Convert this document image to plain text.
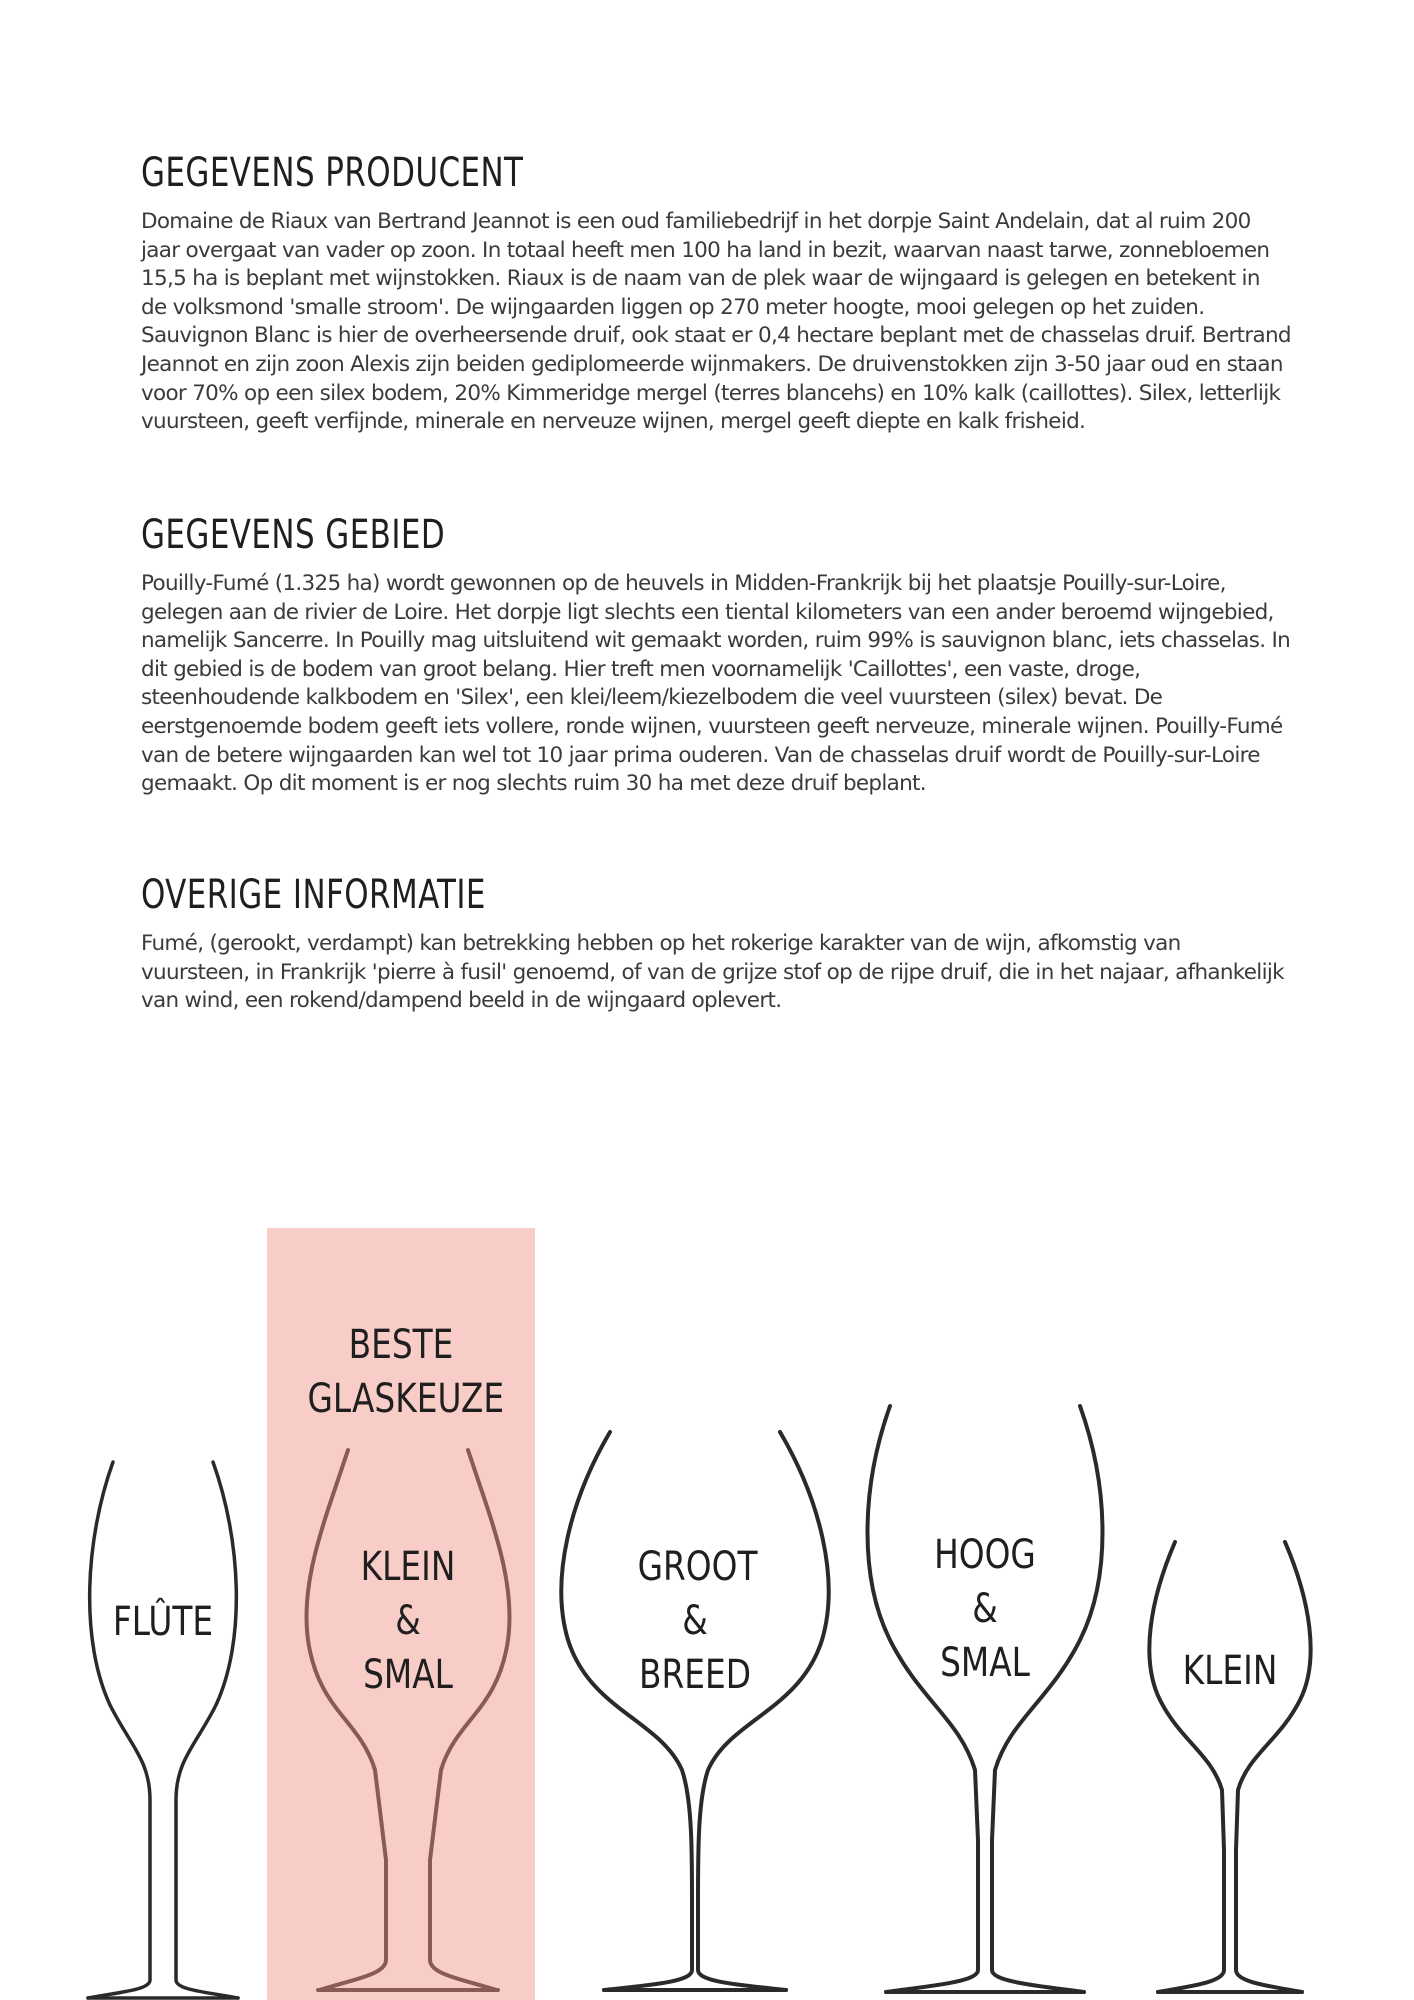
GEGEVENS PRODUCENT

Domaine de Riaux van Bertrand Jeannot is een oud familiebedrijf in het dorpje Saint Andelain, dat al ruim 200 jaar overgaat van vader op zoon. In totaal heeft men 100 ha land in bezit, waarvan naast tarwe, zonnebloemen 15,5 ha is beplant met wijnstokken. Riaux is de naam van de plek waar de wijngaard is gelegen en betekent in de volksmond 'smalle stroom'. De wijngaarden liggen op 270 meter hoogte, mooi gelegen op het zuiden. Sauvignon Blanc is hier de overheersende druif, ook staat er 0,4 hectare beplant met de chasselas druif. Bertrand Jeannot en zijn zoon Alexis zijn beiden gediplomeerde wijnmakers. De druivenstokken zijn 3-50 jaar oud en staan voor 70% op een silex bodem, 20% Kimmeridge mergel (terres blancehs) en 10% kalk (caillottes). Silex, letterlijk vuursteen, geeft verfijnde, minerale en nerveuze wijnen, mergel geeft diepte en kalk frisheid.

GEGEVENS GEBIED

Pouilly-Fumé (1.325 ha) wordt gewonnen op de heuvels in Midden-Frankrijk bij het plaatsje Pouilly-sur-Loire, gelegen aan de rivier de Loire. Het dorpje ligt slechts een tiental kilometers van een ander beroemd wijngebied, namelijk Sancerre. In Pouilly mag uitsluitend wit gemaakt worden, ruim 99% is sauvignon blanc, iets chasselas. In dit gebied is de bodem van groot belang. Hier treft men voornamelijk 'Caillottes', een vaste, droge, steenhoudende kalkbodem en 'Silex', een klei/leem/kiezelbodem die veel vuursteen (silex) bevat. De eerstgenoemde bodem geeft iets vollere, ronde wijnen, vuursteen geeft nerveuze, minerale wijnen. Pouilly-Fumé van de betere wijngaarden kan wel tot 10 jaar prima ouderen. Van de chasselas druif wordt de Pouilly-sur-Loire gemaakt. Op dit moment is er nog slechts ruim 30 ha met deze druif beplant.

OVERIGE INFORMATIE

Fumé, (gerookt, verdampt) kan betrekking hebben op het rokerige karakter van de wijn, afkomstig van vuursteen, in Frankrijk 'pierre à fusil' genoemd, of van de grijze stof op de rijpe druif, die in het najaar, afhankelijk van wind, een rokend/dampend beeld in de wijngaard oplevert.

BESTE
GLASKEUZE
FLÛTE
KLEIN
&
SMAL
GROOT
&
BREED
HOOG
&
SMAL	KLEIN
